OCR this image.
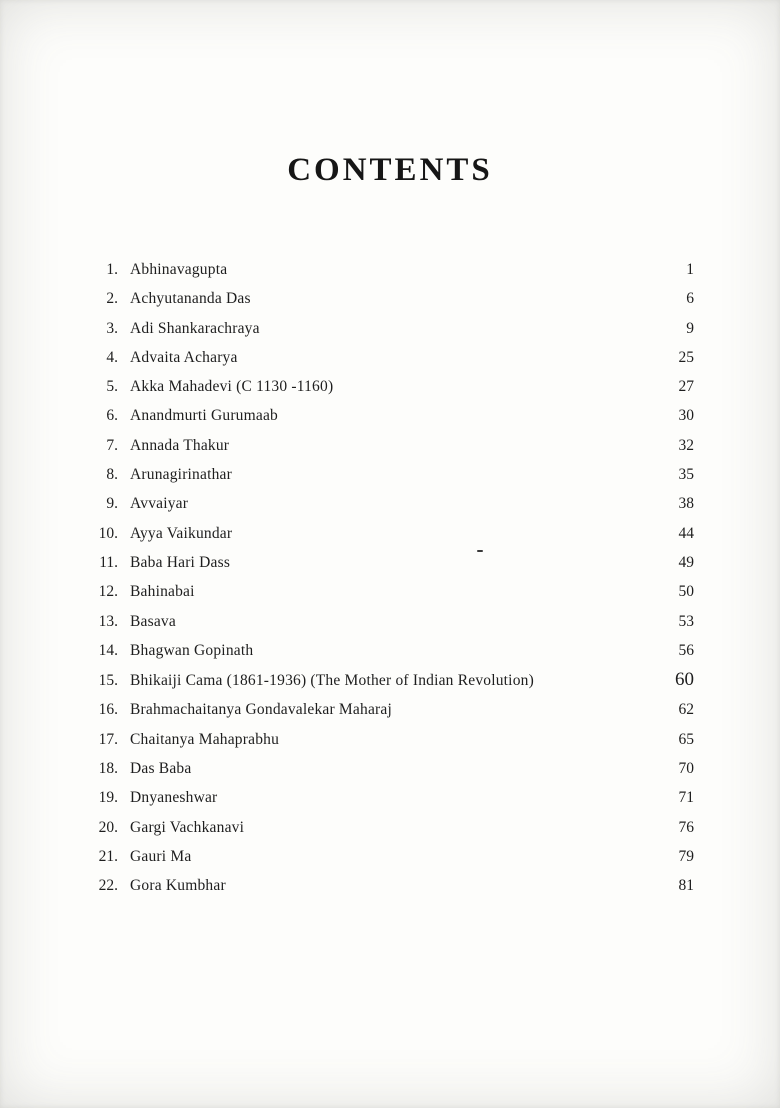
CONTENTS
1. Abhinavagupta	1
2. Achyutananda Das	6
3. Adi Shankarachraya	9
4. Advaita Acharya	25
5. Akka Mahadevi (C 1130 -1160)	27
6. Anandmurti Gurumaab	30
7. Annada Thakur	32
8. Arunagirinathar	35
9. Avvaiyar	38
10. Ayya Vaikundar	44
11. Baba Hari Dass	49
12. Bahinabai	50
13. Basava	53
14. Bhagwan Gopinath	56
15. Bhikaiji Cama (1861-1936) (The Mother of Indian Revolution)	60
16. Brahmachaitanya Gondavalekar Maharaj	62
17. Chaitanya Mahaprabhu	65
18. Das Baba	70
19. Dnyaneshwar	71
20. Gargi Vachkanavi	76
21. Gauri Ma	79
22. Gora Kumbhar	81
